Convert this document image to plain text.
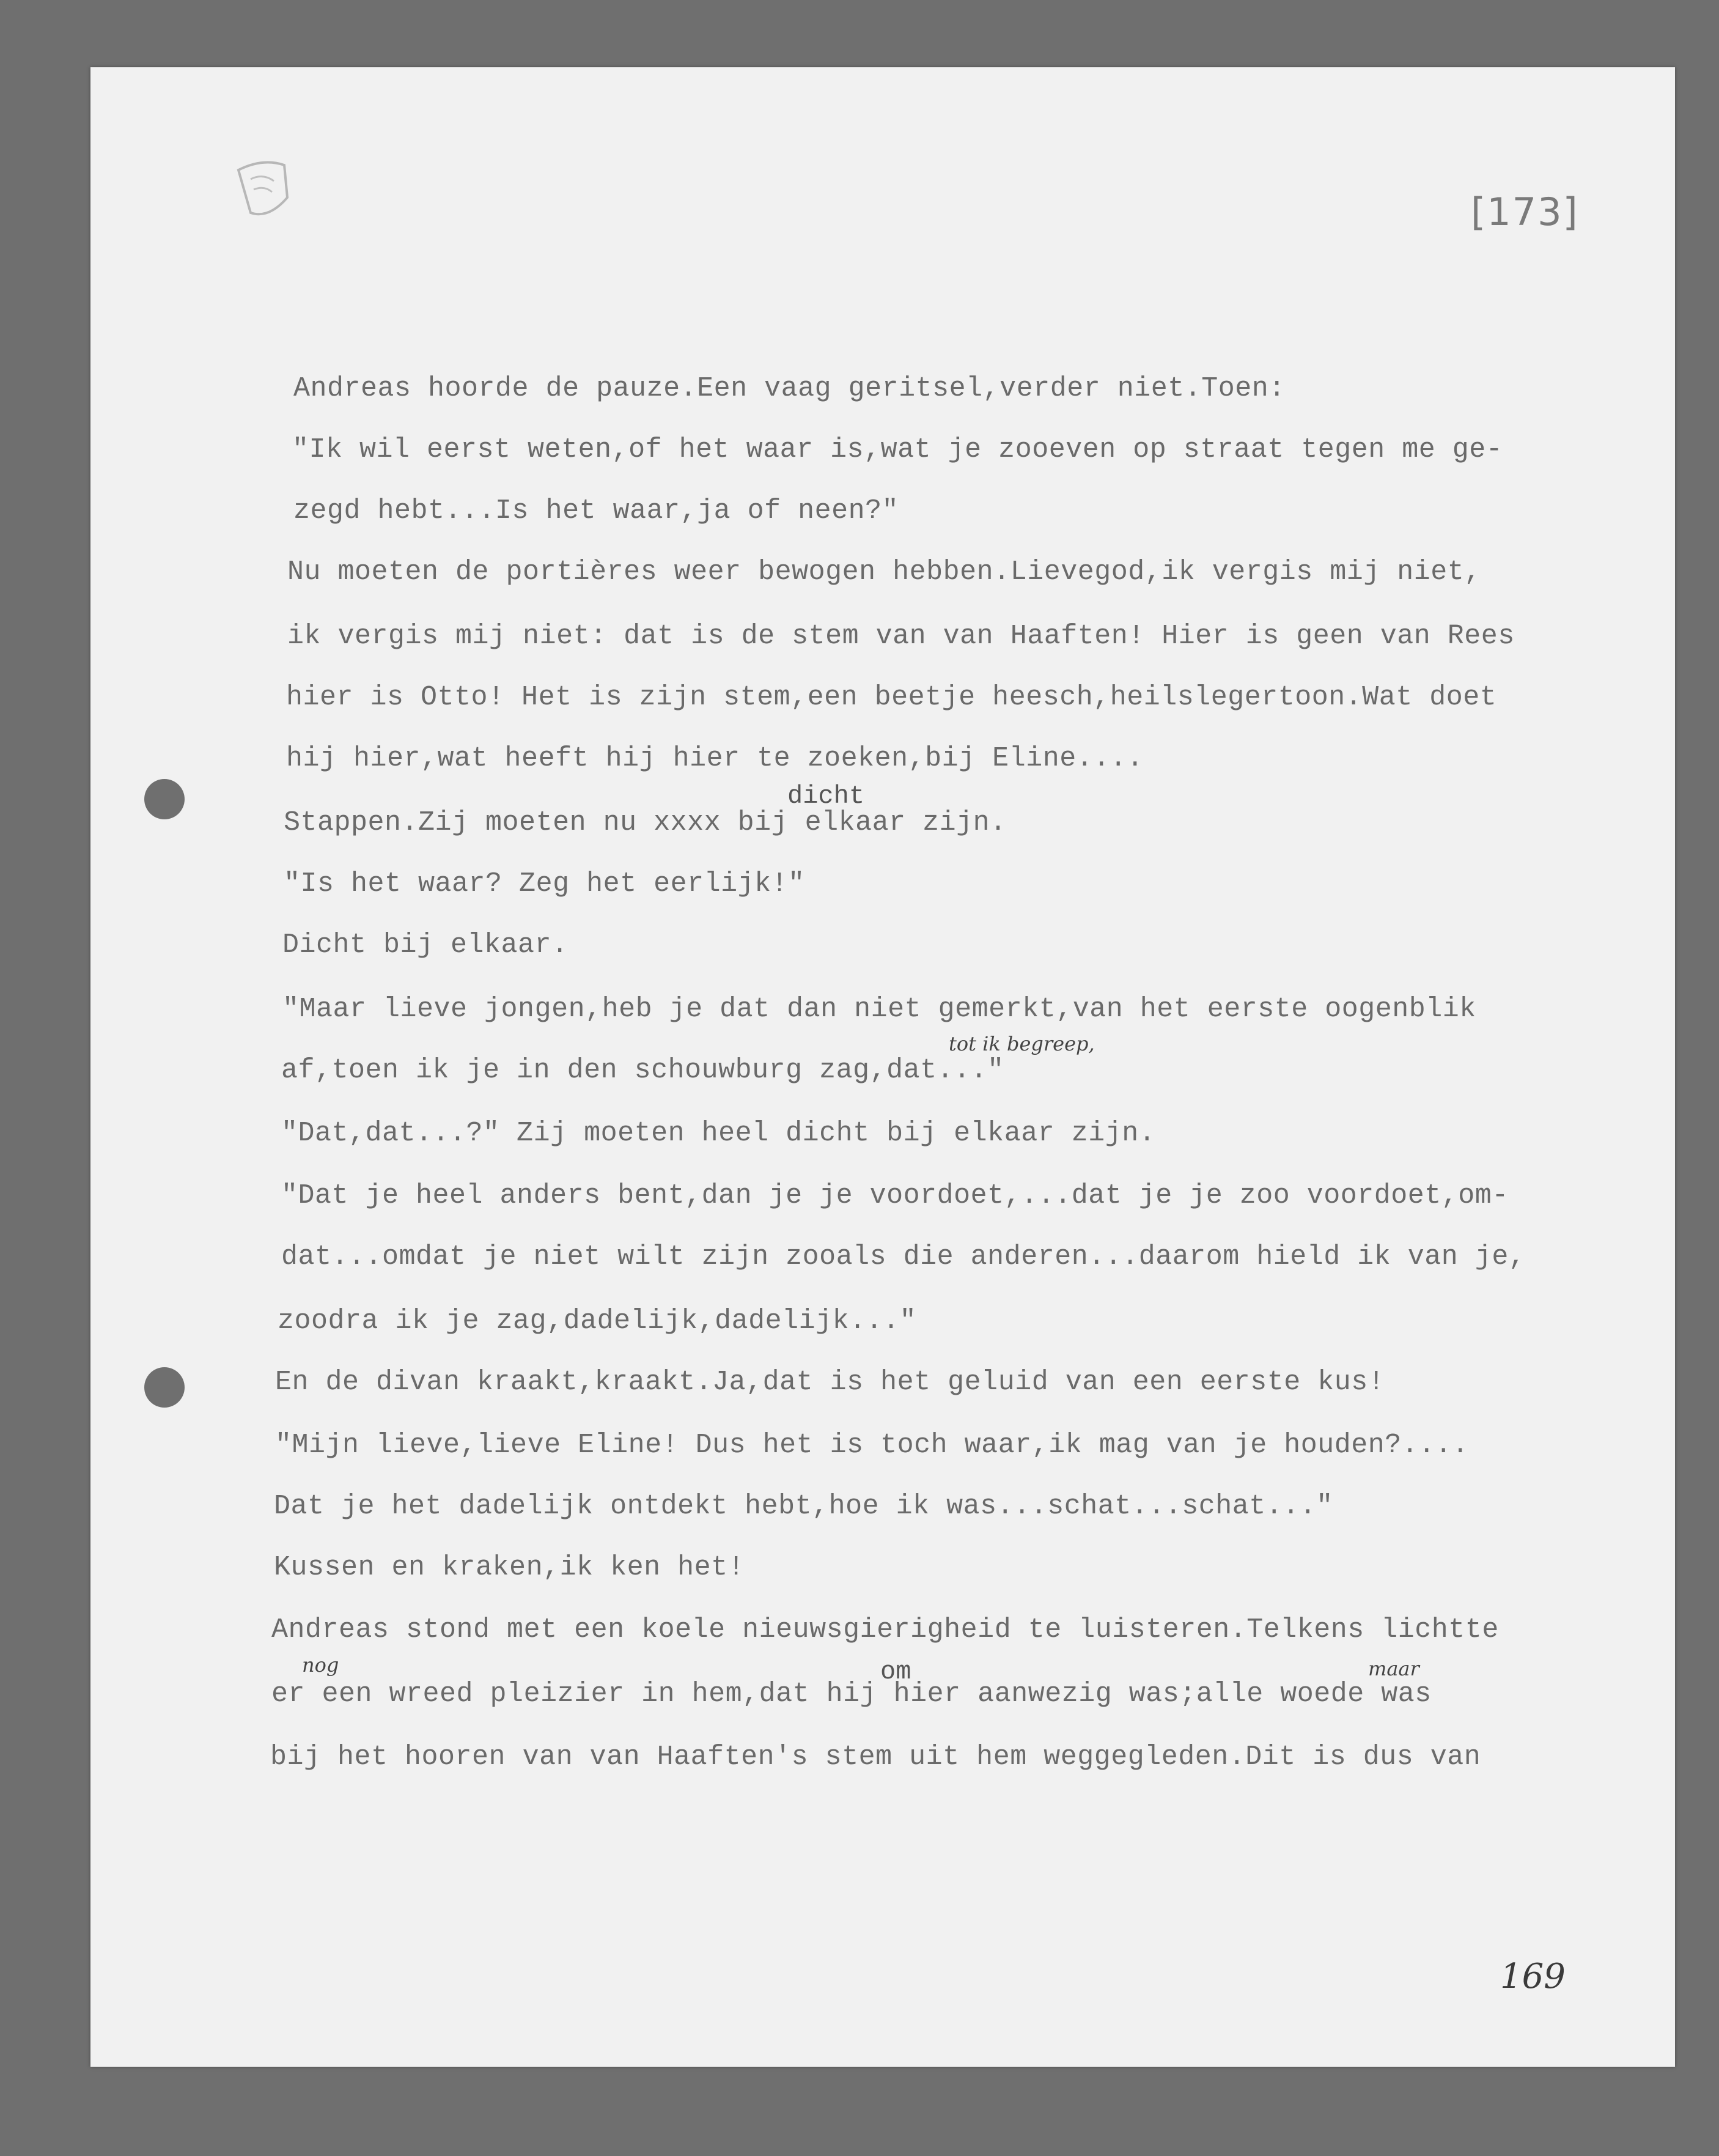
[173]
Andreas hoorde de pauze.Een vaag geritsel,verder niet.Toen:
"Ik wil eerst weten,of het waar is,wat je zooeven op straat tegen me ge-
zegd hebt...Is het waar,ja of neen?"
Nu moeten de portières weer bewogen hebben.Lievegod,ik vergis mij niet,
ik vergis mij niet: dat is de stem van van Haaften! Hier is geen van Rees
hier is Otto! Het is zijn stem,een beetje heesch,heilslegertoon.Wat doet
hij hier,wat heeft hij hier te zoeken,bij Eline....
dicht
Stappen.Zij moeten nu xxxx bij elkaar zijn.
"Is het waar? Zeg het eerlijk!"
Dicht bij elkaar.
"Maar lieve jongen,heb je dat dan niet gemerkt,van het eerste oogenblik
tot ik begreep,
af,toen ik je in den schouwburg zag,dat..."
"Dat,dat...?" Zij moeten heel dicht bij elkaar zijn.
"Dat je heel anders bent,dan je je voordoet,...dat je je zoo voordoet,om-
dat...omdat je niet wilt zijn zooals die anderen...daarom hield ik van je,
zoodra ik je zag,dadelijk,dadelijk..."
En de divan kraakt,kraakt.Ja,dat is het geluid van een eerste kus!
"Mijn lieve,lieve Eline! Dus het is toch waar,ik mag van je houden?....
Dat je het dadelijk ontdekt hebt,hoe ik was...schat...schat..."
Kussen en kraken,ik ken het!
Andreas stond met een koele nieuwsgierigheid te luisteren.Telkens lichtte
nog	om	maar
er een wreed pleizier in hem,dat hij hier aanwezig was;alle woede was
bij het hooren van van Haaften's stem uit hem weggegleden.Dit is dus van
169
